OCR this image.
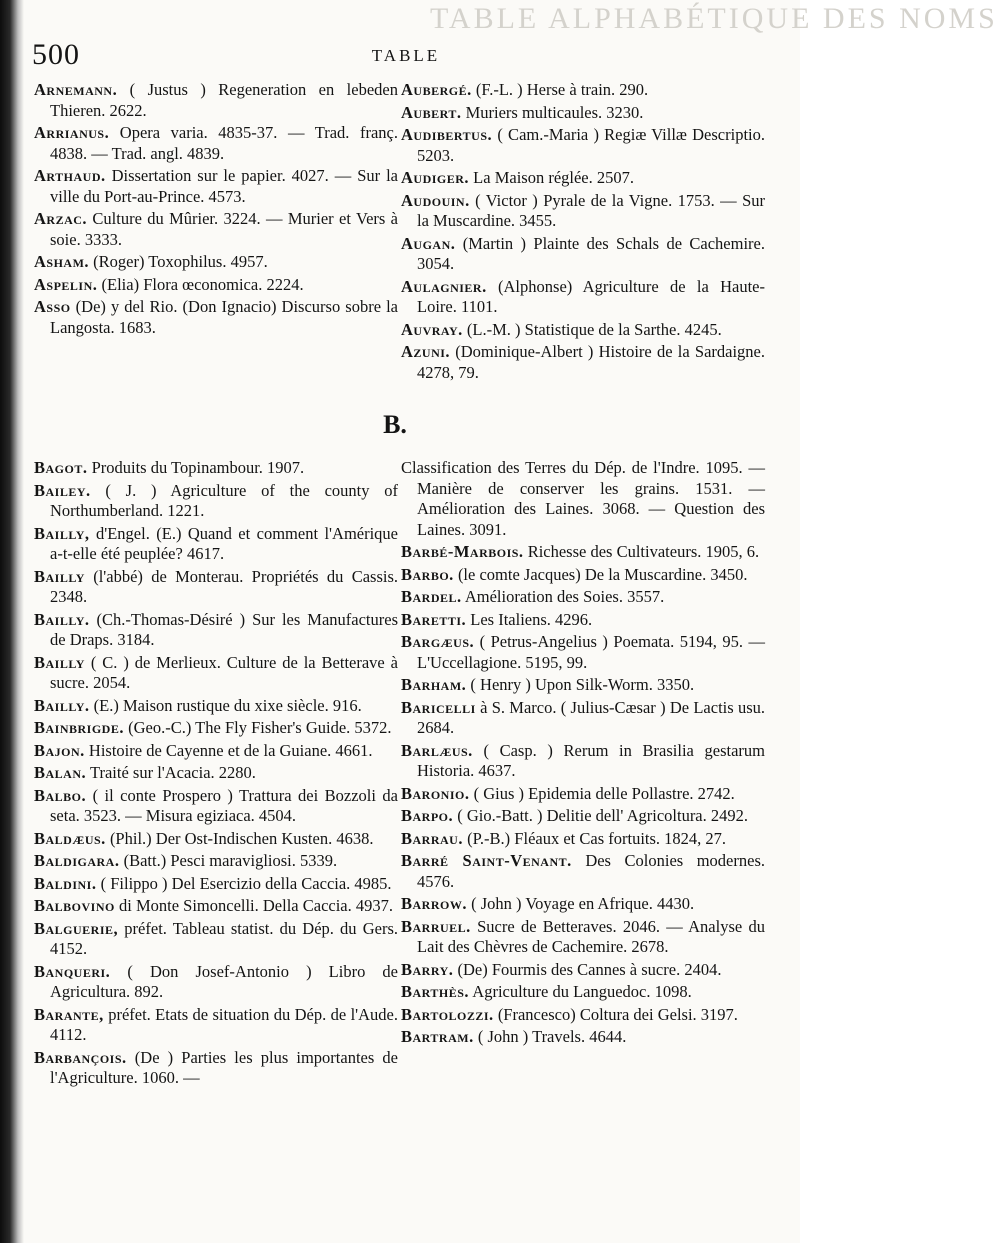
TABLE ALPHABÉTIQUE DES NOMS
500	TABLE

Arnemann. ( Justus ) Regeneration en lebeden Thieren. 2622.

Arrianus. Opera varia. 4835-37. — Trad. franç. 4838. — Trad. angl. 4839.

Arthaud. Dissertation sur le papier. 4027. — Sur la ville du Port-au-Prince. 4573.

Arzac. Culture du Mûrier. 3224. — Murier et Vers à soie. 3333.

Asham. (Roger) Toxophilus. 4957.

Aspelin. (Elia) Flora œconomica. 2224.

Asso (De) y del Rio. (Don Ignacio) Discurso sobre la Langosta. 1683.

Aubergé. (F.-L. ) Herse à train. 290.

Aubert. Muriers multicaules. 3230.

Audibertus. ( Cam.-Maria ) Regiæ Villæ Descriptio. 5203.

Audiger. La Maison réglée. 2507.

Audouin. ( Victor ) Pyrale de la Vigne. 1753. — Sur la Muscardine. 3455.

Augan. (Martin ) Plainte des Schals de Cachemire. 3054.

Aulagnier. (Alphonse) Agriculture de la Haute-Loire. 1101.

Auvray. (L.-M. ) Statistique de la Sarthe. 4245.

Azuni. (Dominique-Albert ) Histoire de la Sardaigne. 4278, 79.

B.

Bagot. Produits du Topinambour. 1907.

Bailey. ( J. ) Agriculture of the county of Northumberland. 1221.

Bailly, d'Engel. (E.) Quand et comment l'Amérique a-t-elle été peuplée? 4617.

Bailly (l'abbé) de Monterau. Propriétés du Cassis. 2348.

Bailly. (Ch.-Thomas-Désiré ) Sur les Manufactures de Draps. 3184.

Bailly ( C. ) de Merlieux. Culture de la Betterave à sucre. 2054.

Bailly. (E.) Maison rustique du xixe siècle. 916.

Bainbrigde. (Geo.-C.) The Fly Fisher's Guide. 5372.

Bajon. Histoire de Cayenne et de la Guiane. 4661.

Balan. Traité sur l'Acacia. 2280.

Balbo. ( il conte Prospero ) Trattura dei Bozzoli da seta. 3523. — Misura egiziaca. 4504.

Baldæus. (Phil.) Der Ost-Indischen Kusten. 4638.

Baldigara. (Batt.) Pesci maravigliosi. 5339.

Baldini. ( Filippo ) Del Esercizio della Caccia. 4985.

Balbovino di Monte Simoncelli. Della Caccia. 4937.

Balguerie, préfet. Tableau statist. du Dép. du Gers. 4152.

Banqueri. ( Don Josef-Antonio ) Libro de Agricultura. 892.

Barante, préfet. Etats de situation du Dép. de l'Aude. 4112.

Barbançois. (De ) Parties les plus importantes de l'Agriculture. 1060. —

Classification des Terres du Dép. de l'Indre. 1095. — Manière de conserver les grains. 1531. — Amélioration des Laines. 3068. — Question des Laines. 3091.

Barbé-Marbois. Richesse des Cultivateurs. 1905, 6.

Barbo. (le comte Jacques) De la Muscardine. 3450.

Bardel. Amélioration des Soies. 3557.

Baretti. Les Italiens. 4296.

Bargæus. ( Petrus-Angelius ) Poemata. 5194, 95. — L'Uccellagione. 5195, 99.

Barham. ( Henry ) Upon Silk-Worm. 3350.

Baricelli à S. Marco. ( Julius-Cæsar ) De Lactis usu. 2684.

Barlæus. ( Casp. ) Rerum in Brasilia gestarum Historia. 4637.

Baronio. ( Gius ) Epidemia delle Pollastre. 2742.

Barpo. ( Gio.-Batt. ) Delitie dell' Agricoltura. 2492.

Barrau. (P.-B.) Fléaux et Cas fortuits. 1824, 27.

Barré Saint-Venant. Des Colonies modernes. 4576.

Barrow. ( John ) Voyage en Afrique. 4430.

Barruel. Sucre de Betteraves. 2046. — Analyse du Lait des Chèvres de Cachemire. 2678.

Barry. (De) Fourmis des Cannes à sucre. 2404.

Barthès. Agriculture du Languedoc. 1098.

Bartolozzi. (Francesco) Coltura dei Gelsi. 3197.

Bartram. ( John ) Travels. 4644.
